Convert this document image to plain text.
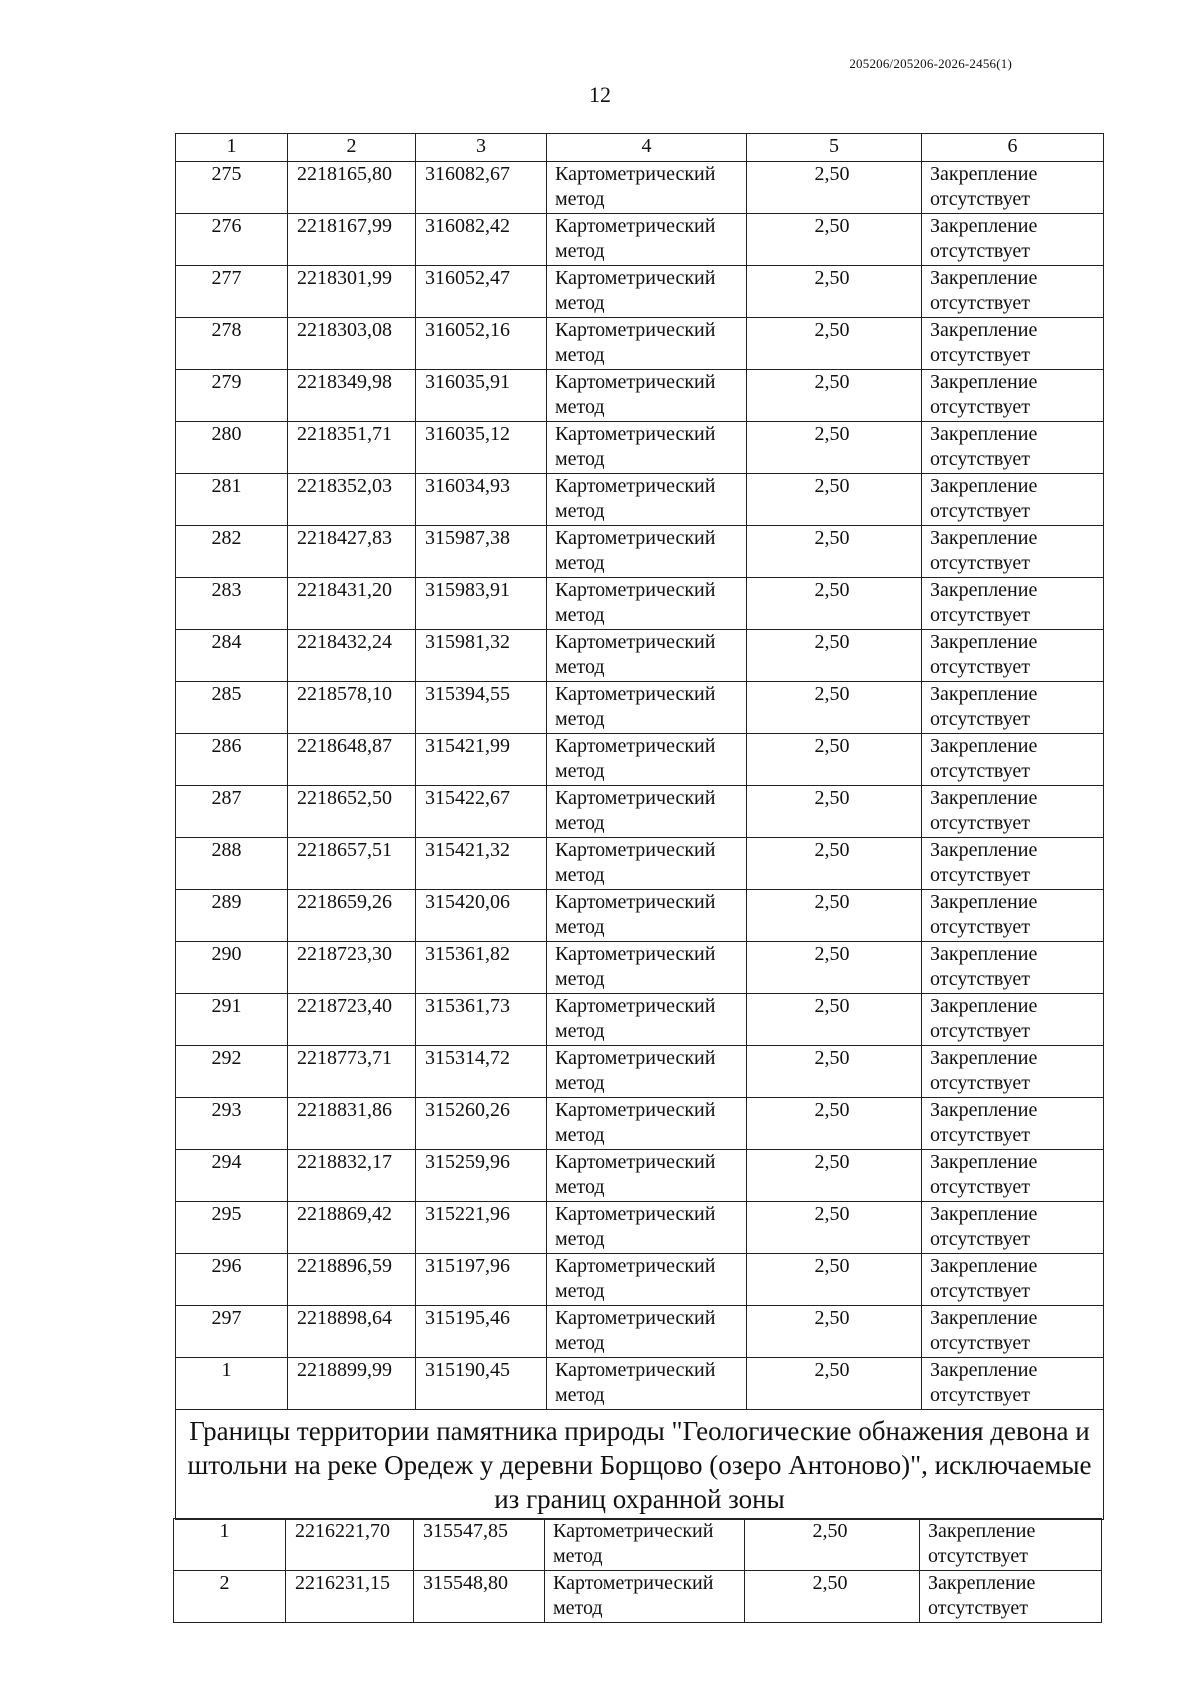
205206/205206-2026-2456(1)
12
1	2	3	4	5	6
275	2218165,80	316082,67	Картометрический метод	2,50	Закрепление отсутствует
276	2218167,99	316082,42	Картометрический метод	2,50	Закрепление отсутствует
277	2218301,99	316052,47	Картометрический метод	2,50	Закрепление отсутствует
278	2218303,08	316052,16	Картометрический метод	2,50	Закрепление отсутствует
279	2218349,98	316035,91	Картометрический метод	2,50	Закрепление отсутствует
280	2218351,71	316035,12	Картометрический метод	2,50	Закрепление отсутствует
281	2218352,03	316034,93	Картометрический метод	2,50	Закрепление отсутствует
282	2218427,83	315987,38	Картометрический метод	2,50	Закрепление отсутствует
283	2218431,20	315983,91	Картометрический метод	2,50	Закрепление отсутствует
284	2218432,24	315981,32	Картометрический метод	2,50	Закрепление отсутствует
285	2218578,10	315394,55	Картометрический метод	2,50	Закрепление отсутствует
286	2218648,87	315421,99	Картометрический метод	2,50	Закрепление отсутствует
287	2218652,50	315422,67	Картометрический метод	2,50	Закрепление отсутствует
288	2218657,51	315421,32	Картометрический метод	2,50	Закрепление отсутствует
289	2218659,26	315420,06	Картометрический метод	2,50	Закрепление отсутствует
290	2218723,30	315361,82	Картометрический метод	2,50	Закрепление отсутствует
291	2218723,40	315361,73	Картометрический метод	2,50	Закрепление отсутствует
292	2218773,71	315314,72	Картометрический метод	2,50	Закрепление отсутствует
293	2218831,86	315260,26	Картометрический метод	2,50	Закрепление отсутствует
294	2218832,17	315259,96	Картометрический метод	2,50	Закрепление отсутствует
295	2218869,42	315221,96	Картометрический метод	2,50	Закрепление отсутствует
296	2218896,59	315197,96	Картометрический метод	2,50	Закрепление отсутствует
297	2218898,64	315195,46	Картометрический метод	2,50	Закрепление отсутствует
1	2218899,99	315190,45	Картометрический метод	2,50	Закрепление отсутствует
Границы территории памятника природы "Геологические обнажения девона и штольни на реке Оредеж у деревни Борщово (озеро Антоново)", исключаемые из границ охранной зоны					
1	2216221,70	315547,85	Картометрический метод	2,50	Закрепление отсутствует
2	2216231,15	315548,80	Картометрический метод	2,50	Закрепление отсутствует
